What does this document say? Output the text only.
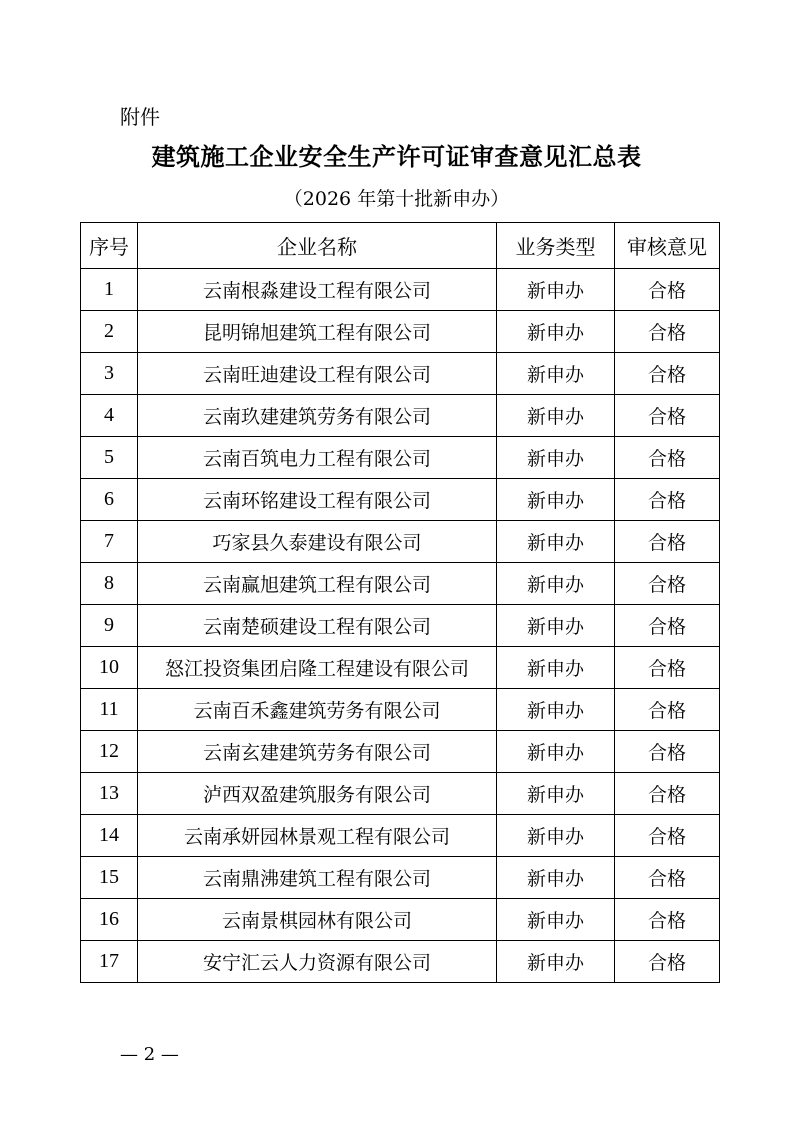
附件

建筑施工企业安全生产许可证审查意见汇总表

（2026 年第十批新申办）

序号	企业名称	业务类型	审核意见
1	云南根淼建设工程有限公司	新申办	合格
2	昆明锦旭建筑工程有限公司	新申办	合格
3	云南旺迪建设工程有限公司	新申办	合格
4	云南玖建建筑劳务有限公司	新申办	合格
5	云南百筑电力工程有限公司	新申办	合格
6	云南环铭建设工程有限公司	新申办	合格
7	巧家县久泰建设有限公司	新申办	合格
8	云南赢旭建筑工程有限公司	新申办	合格
9	云南楚硕建设工程有限公司	新申办	合格
10	怒江投资集团启隆工程建设有限公司	新申办	合格
11	云南百禾鑫建筑劳务有限公司	新申办	合格
12	云南玄建建筑劳务有限公司	新申办	合格
13	泸西双盈建筑服务有限公司	新申办	合格
14	云南承妍园林景观工程有限公司	新申办	合格
15	云南鼎沸建筑工程有限公司	新申办	合格
16	云南景棋园林有限公司	新申办	合格
17	安宁汇云人力资源有限公司	新申办	合格

— 2 —
